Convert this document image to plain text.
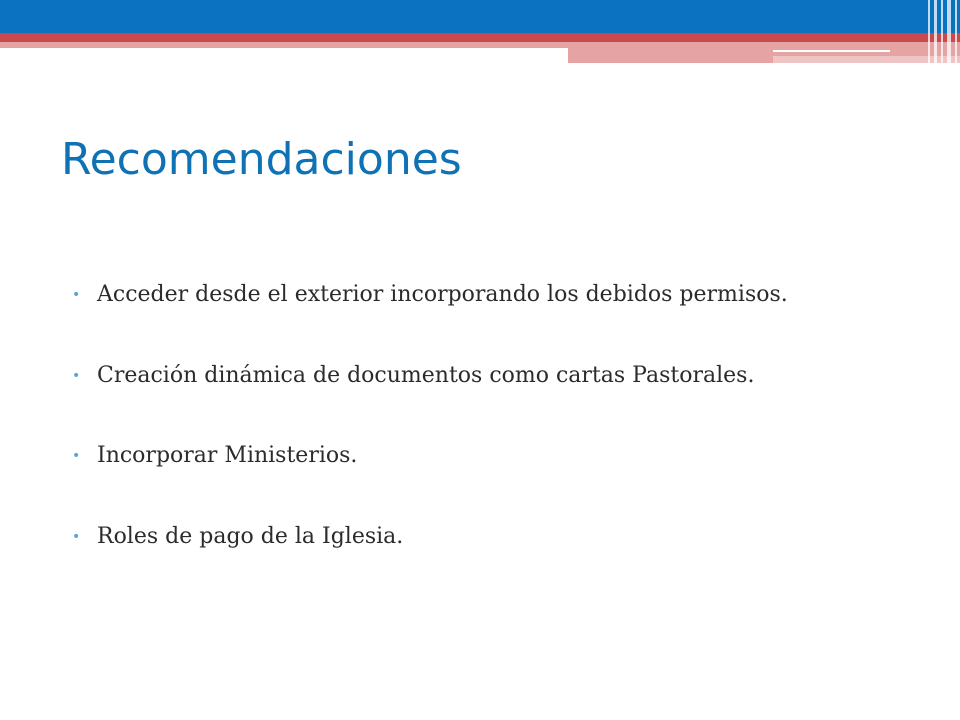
Recomendaciones
• Acceder desde el exterior incorporando los debidos permisos.
• Creación dinámica de documentos como cartas Pastorales.
• Incorporar Ministerios.
• Roles de pago de la Iglesia.
